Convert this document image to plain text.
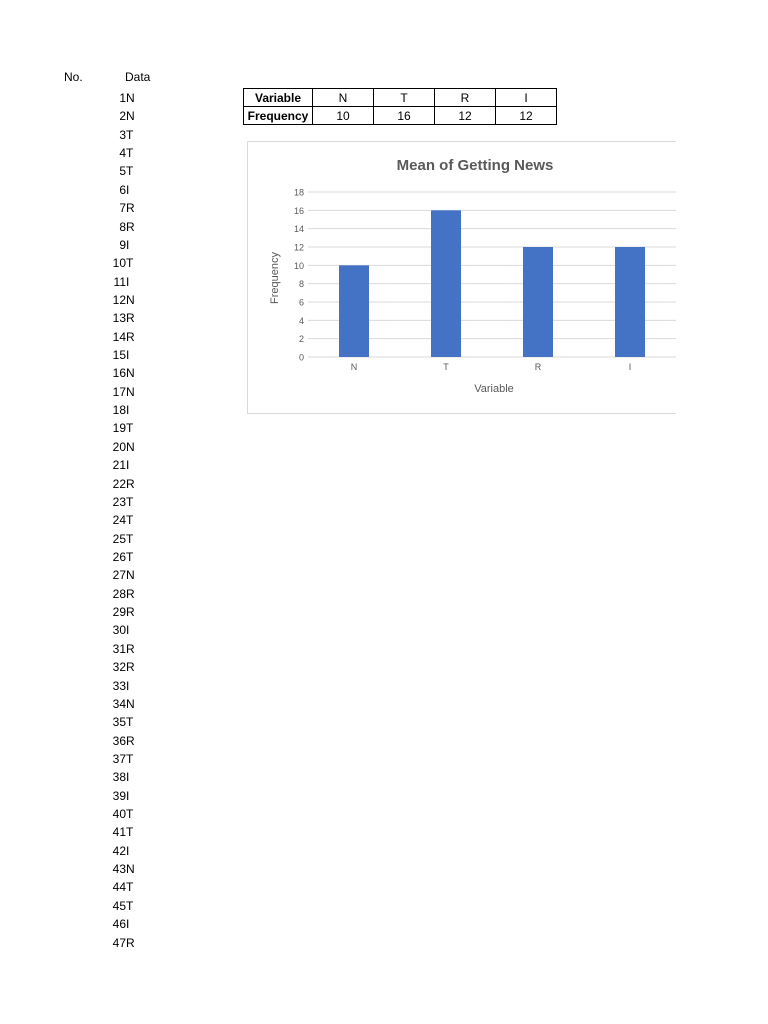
No.	Data
1 N
2 N
3 T
4 T
5 T
6 I
7 R
8 R
9 I
10 T
11 I
12 N
13 R
14 R
15 I
16 N
17 N
18 I
19 T
20 N
21 I
22 R
23 T
24 T
25 T
26 T
27 N
28 R
29 R
30 I
31 R
32 R
33 I
34 N
35 T
36 R
37 T
38 I
39 I
40 T
41 T
42 I
43 N
44 T
45 T
46 I
47 R
Variable	N	T	R	I
Frequency	10	16	12	12
Mean of Getting News
Frequency
Variable
0
2
4
6
8
10
12
14
16
18
N	T	R	I
